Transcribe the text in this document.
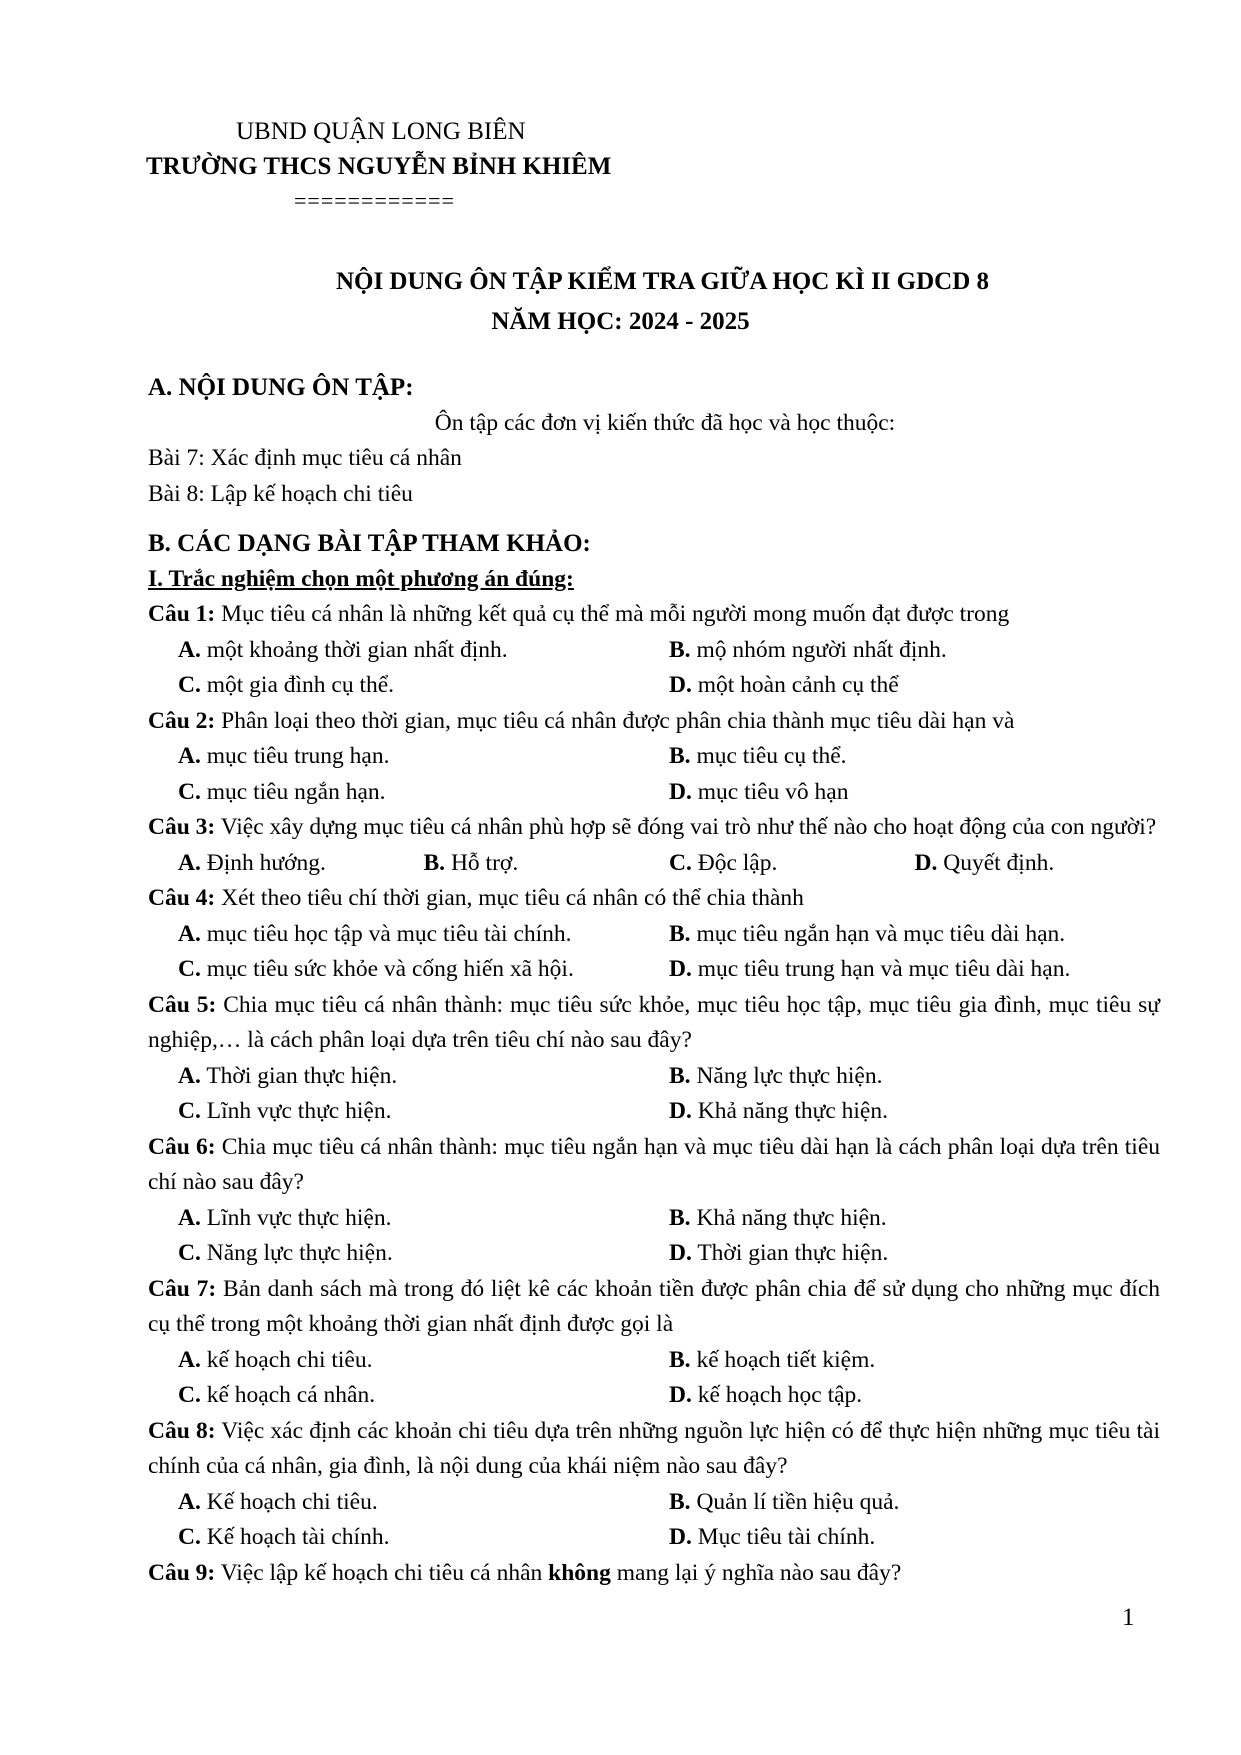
UBND QUẬN LONG BIÊN
TRƯỜNG THCS NGUYỄN BỈNH KHIÊM
============
NỘI DUNG ÔN TẬP KIỂM TRA GIỮA HỌC KÌ II GDCD 8
NĂM HỌC: 2024 - 2025
A. NỘI DUNG ÔN TẬP:
Ôn tập các đơn vị kiến thức đã học và học thuộc:
Bài 7: Xác định mục tiêu cá nhân
Bài 8: Lập kế hoạch chi tiêu
B. CÁC DẠNG BÀI TẬP THAM KHẢO:
I. Trắc nghiệm chọn một phương án đúng:
Câu 1: Mục tiêu cá nhân là những kết quả cụ thể mà mỗi người mong muốn đạt được trong
A. một khoảng thời gian nhất định.	B. mộ nhóm người nhất định.
C. một gia đình cụ thể.	D. một hoàn cảnh cụ thể
Câu 2: Phân loại theo thời gian, mục tiêu cá nhân được phân chia thành mục tiêu dài hạn và
A. mục tiêu trung hạn.	B. mục tiêu cụ thể.
C. mục tiêu ngắn hạn.	D. mục tiêu vô hạn
Câu 3: Việc xây dựng mục tiêu cá nhân phù hợp sẽ đóng vai trò như thế nào cho hoạt động của con người?
A. Định hướng.	B. Hỗ trợ.	C. Độc lập.	D. Quyết định.
Câu 4: Xét theo tiêu chí thời gian, mục tiêu cá nhân có thể chia thành
A. mục tiêu học tập và mục tiêu tài chính.	B. mục tiêu ngắn hạn và mục tiêu dài hạn.
C. mục tiêu sức khỏe và cống hiến xã hội.	D. mục tiêu trung hạn và mục tiêu dài hạn.
Câu 5: Chia mục tiêu cá nhân thành: mục tiêu sức khỏe, mục tiêu học tập, mục tiêu gia đình, mục tiêu sự nghiệp,… là cách phân loại dựa trên tiêu chí nào sau đây?
A. Thời gian thực hiện.	B. Năng lực thực hiện.
C. Lĩnh vực thực hiện.	D. Khả năng thực hiện.
Câu 6: Chia mục tiêu cá nhân thành: mục tiêu ngắn hạn và mục tiêu dài hạn là cách phân loại dựa trên tiêu chí nào sau đây?
A. Lĩnh vực thực hiện.	B. Khả năng thực hiện.
C. Năng lực thực hiện.	D. Thời gian thực hiện.
Câu 7: Bản danh sách mà trong đó liệt kê các khoản tiền được phân chia để sử dụng cho những mục đích cụ thể trong một khoảng thời gian nhất định được gọi là
A. kế hoạch chi tiêu.	B. kế hoạch tiết kiệm.
C. kế hoạch cá nhân.	D. kế hoạch học tập.
Câu 8: Việc xác định các khoản chi tiêu dựa trên những nguồn lực hiện có để thực hiện những mục tiêu tài chính của cá nhân, gia đình, là nội dung của khái niệm nào sau đây?
A. Kế hoạch chi tiêu.	B. Quản lí tiền hiệu quả.
C. Kế hoạch tài chính.	D. Mục tiêu tài chính.
Câu 9: Việc lập kế hoạch chi tiêu cá nhân không mang lại ý nghĩa nào sau đây?
1
